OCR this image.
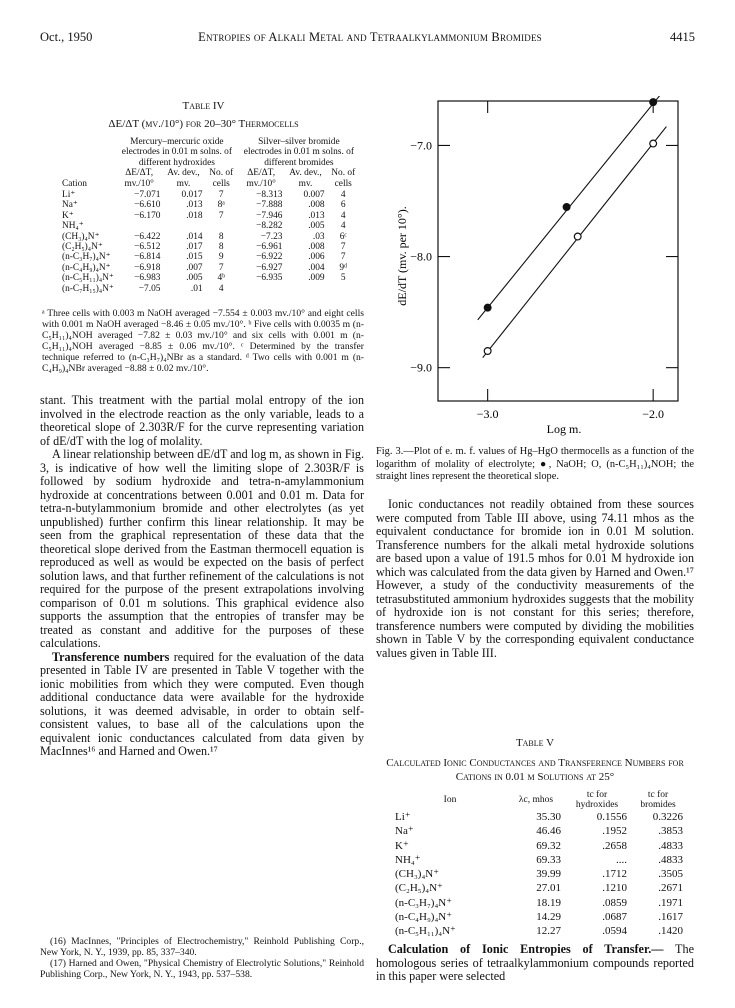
Oct., 1950	Entropies of Alkali Metal and Tetraalkylammonium Bromides	4415
Table IV
ΔE/ΔT (mv./10°) for 20–30° Thermocells
	Mercury–mercuric oxide electrodes in 0.01 m solns. of different hydroxides			Silver–silver bromide electrodes in 0.01 m solns. of different bromides		
Cation	ΔE/ΔT, mv./10°	Av. dev., mv.	No. of cells	ΔE/ΔT, mv./10°	Av. dev., mv.	No. of cells
Li⁺	−7.071	0.017	7	−8.313	0.007	4
Na⁺	−6.610	.013	8ᵃ	−7.888	.008	6
K⁺	−6.170	.018	7	−7.946	.013	4
NH₄⁺				−8.282	.005	4
(CH₃)₄N⁺	−6.422	.014	8	−7.23	.03	6ᶜ
(C₂H₅)₄N⁺	−6.512	.017	8	−6.961	.008	7
(n-C₃H₇)₄N⁺	−6.814	.015	9	−6.922	.006	7
(n-C₄H₉)₄N⁺	−6.918	.007	7	−6.927	.004	9ᵈ
(n-C₅H₁₁)₄N⁺	−6.983	.005	4ᵇ	−6.935	.009	5
(n-C₇H₁₅)₄N⁺	−7.05	.01	4			
ᵃ Three cells with 0.003 m NaOH averaged −7.554 ± 0.003 mv./10° and eight cells with 0.001 m NaOH averaged −8.46 ± 0.05 mv./10°. ᵇ Five cells with 0.0035 m (n-C₅H₁₁)₄NOH averaged −7.82 ± 0.03 mv./10° and six cells with 0.001 m (n-C₅H₁₁)₄NOH averaged −8.85 ± 0.06 mv./10°. ᶜ Determined by the transfer technique referred to (n-C₃H₇)₄NBr as a standard. ᵈ Two cells with 0.001 m (n-C₄H₉)₄NBr averaged −8.88 ± 0.02 mv./10°.

stant. This treatment with the partial molal entropy of the ion involved in the electrode reaction as the only variable, leads to a theoretical slope of 2.303R/F for the curve representing variation of dE/dT with the log of molality.

A linear relationship between dE/dT and log m, as shown in Fig. 3, is indicative of how well the limiting slope of 2.303R/F is followed by sodium hydroxide and tetra-n-amylammonium hydroxide at concentrations between 0.001 and 0.01 m. Data for tetra-n-butylammonium bromide and other electrolytes (as yet unpublished) further confirm this linear relationship. It may be seen from the graphical representation of these data that the theoretical slope derived from the Eastman thermocell equation is reproduced as well as would be expected on the basis of perfect solution laws, and that further refinement of the calculations is not required for the purpose of the present extrapolations involving comparison of 0.01 m solutions. This graphical evidence also supports the assumption that the entropies of transfer may be treated as constant and additive for the purposes of these calculations.

Transference numbers required for the evaluation of the data presented in Table IV are presented in Table V together with the ionic mobilities from which they were computed. Even though additional conductance data were available for the hydroxide solutions, it was deemed advisable, in order to obtain self-consistent values, to base all of the calculations upon the equivalent ionic conductances calculated from data given by MacInnes¹⁶ and Harned and Owen.¹⁷

(16) MacInnes, "Principles of Electrochemistry," Reinhold Publishing Corp., New York, N. Y., 1939, pp. 85, 337–340.
(17) Harned and Owen, "Physical Chemistry of Electrolytic Solutions," Reinhold Publishing Corp., New York, N. Y., 1943, pp. 537–538.
−7.0
−8.0
−9.0
−3.0	−2.0
dE/dT (mv. per 10°).
Log m.
Fig. 3.—Plot of e. m. f. values of Hg–HgO thermocells as a function of the logarithm of molality of electrolyte; ●, NaOH; O, (n-C₅H₁₁)₄NOH; the straight lines represent the theoretical slope.

Ionic conductances not readily obtained from these sources were computed from Table III above, using 74.11 mhos as the equivalent conductance for bromide ion in 0.01 M solution. Transference numbers for the alkali metal hydroxide solutions are based upon a value of 191.5 mhos for 0.01 M hydroxide ion which was calculated from the data given by Harned and Owen.¹⁷ However, a study of the conductivity measurements of the tetrasubstituted ammonium hydroxides suggests that the mobility of hydroxide ion is not constant for this series; therefore, transference numbers were computed by dividing the mobilities shown in Table V by the corresponding equivalent conductance values given in Table III.

Table V
Calculated Ionic Conductances and Transference Numbers for Cations in 0.01 m Solutions at 25°
Ion	λc, mhos	tc for hydroxides	tc for bromides
Li⁺	35.30	0.1556	0.3226
Na⁺	46.46	.1952	.3853
K⁺	69.32	.2658	.4833
NH₄⁺	69.33	....	.4833
(CH₃)₄N⁺	39.99	.1712	.3505
(C₂H₅)₄N⁺	27.01	.1210	.2671
(n-C₃H₇)₄N⁺	18.19	.0859	.1971
(n-C₄H₉)₄N⁺	14.29	.0687	.1617
(n-C₅H₁₁)₄N⁺	12.27	.0594	.1420
Calculation of Ionic Entropies of Transfer.— The homologous series of tetraalkylammonium compounds reported in this paper were selected
